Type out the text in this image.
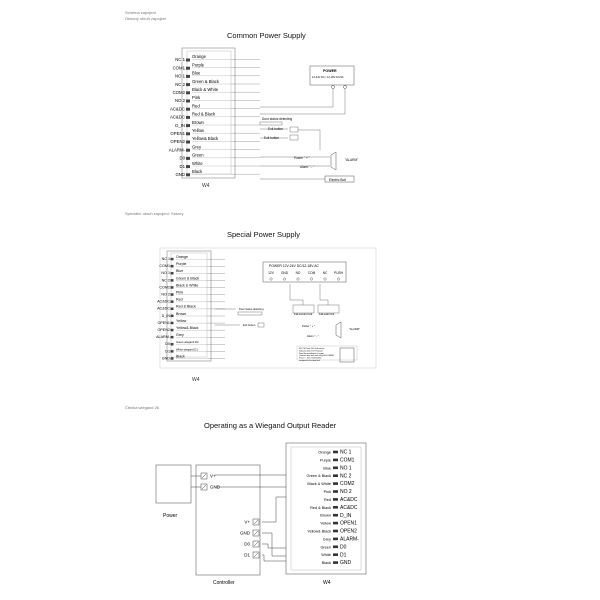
Schéma zapojení
Obecný okruh zapojení
Speciální okruh zapojení: Sekury
Čtečka wiegand 26
Common Power Supply
Special Power Supply
Operating as a Wiegand Output Reader
NC 1
COM1
NO 1
NC 2
COM2
NO 2
AC&DC
AC&DC
D_IN
OPEN1
OPEN2
ALARM-
D0
D1
GND
Orange
Purple
Blue
Green & Black
Black & White
Pink
Red
Red & Black
Brown
Yellow
Yellow& Black
Grey
Green
White
Black
W4
POWER
12-24V DC / 12-18V AC/3A
Door status detecting
Exit button
Exit button
Power " + "
Alarm " - "
"ALARM"
Electric Bolt
NC 1
COM1
NO 1
NC 2
COM2
NO 2
AC&DC
AC&DC
D_IN
OPEN1
OPEN2
ALARM-
D0
D1
GND
Orange
Purple
Blue
Green & Black
Black & White
Pink
Red
Red & Black
Brown
Yellow
Yellow& Black
Grey
Green wiegand D0
White wiegand D1
Black
W4
POWER 12V-24V DC/12-18V AC
12V GND NO COM NC PUSH
Fail-secure lock	Fail-safe lock
Door status detecting
Exit button	Power " + "
Alarm " - "
"ALARM"
NO / NC lock: D0 / Fail-secure
Inductive lock: D1 / Fail-safe
Door Not installation & usage:
Connect door lock with relay NO/COM/NC
Press # , then COM will be
assigned to the door lock
Power
Controller
V+
GND
V+
GND
D0
D1
NC 1
COM1
NO 1
NC 2
COM2
NO 2
AC&DC
AC&DC
D_IN
OPEN1
OPEN2
ALARM-
D0
D1
GND
Orange
Purple
Blue
Green & Black
Black & White
Pink
Red
Red & Black
Brown
Yellow
Yellow& Black
Grey
Green
White
Black
W4
